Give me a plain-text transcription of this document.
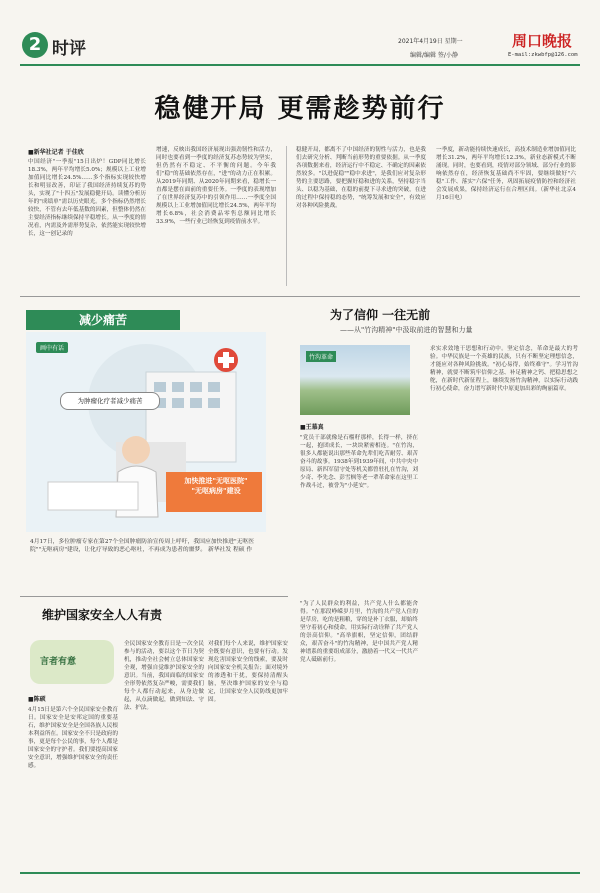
2 时评	2021年4月19日 星期一
编辑/编辑 签/小静
周口晚报
E-mail:zkwbfp@126.com
稳健开局 更需趁势前行
■新华社记者 于佳欣
中国经济"一季报"15日出炉！GDP同比增长18.3%，两年平均增长5.0%；规模以上工业增加值同比增长24.5%……多个指标实现较快增长和明显改善，印证了我国经济持续复苏的势头，实现了"十四五"发展稳健开局。读懂分析历年的"成绩单"需以历史眼光。多个指标仍然增长较快，不管有去年低基数的因素，但整体仍然在主要经济指标继续保持平稳增长。从一季度的情况看，内需及外需形势复杂，依然能实现较快增长，这一创记录的
增速，反映出我国经济展现出强劲韧性和活力，同时也要看到一季度的经济复苏态势较为坚实，但仍然有不稳定、不平衡的问题。今年我们"稳"的基础依然存在，"进"的动力正在积累。从2019年同期、从2020年同期来看，稳增长一直都是摆在面前的重要任务。一季度的表现增加了在世界经济复苏中的引领作用……一季度全国规模以上工业增加值同比增长24.5%，两年平均增长6.8%，社会消费品零售总额同比增长33.9%，一些行业已经恢复到疫情前水平。
稳健开局，都离不了中国经济的韧性与活力，也是我们去研究分析、判断当前形势的重要依据。从一季度各项数据来看，经济运行中不稳定、不确定的因素依然较多。"以进促稳""稳中求进"，是我们应对复杂形势的主要思路，要把握好稳和进的关系，坚持稳字当头、以稳为基础，在稳的前提下寻求进的突破，在进的过程中保持稳的态势，"统筹发展和安全"，有效应对各种风险挑战。
一季度，新动能持续快速成长，高技术制造业增加值同比增长31.2%，两年平均增长12.3%，新业态新模式不断涌现。同时，也要看到，疫情对部分领域、部分行业的影响依然存在，经济恢复基础尚不牢固，要继续做好"六稳"工作、落实"六保"任务，巩固拓展疫情防控和经济社会发展成果，保持经济运行在合理区间。（新华社北京4月16日电）
减少痛苦
画中有话
为肿瘤化疗者减少痛苦
加快推进"无呕医院"
"无呕病房"建设
4月17日，多位肿瘤专家在第27个全国肿瘤防治宣传周上呼吁，我国应加快推进"无呕医院""无呕病房"建设，让化疗导致的恶心呕吐，不再成为患者的噩梦。 新华社发 程硕 作
为了信仰 一往无前
——从"竹沟精神"中汲取前进的智慧和力量
竹沟革命
■王慕真
"党员干部就像是石榴籽那样，长得一样，挤在一起，抱团成长，一块块紧密相连。"在竹沟，很多人都能说出那些革命先辈们吃苦耐劳、艰苦奋斗的故事。1938年到1939年间，中共中央中原局、新四军留守处等机关都曾驻扎在竹沟，刘少奇、李先念、彭雪枫等老一辈革命家在这里工作战斗过，被誉为"小延安"。
求实求效地干思想和行动中。坚定信念，革命是最大的考验。中华民族是一个英雄的民族，只有不断坚定理想信念，才能应对各种风险挑战。"初心易得，始终难守"。学习竹沟精神，就要不断筑牢信仰之基、补足精神之钙、把稳思想之舵，在新时代新征程上，继续发扬竹沟精神，以实际行动践行初心使命，奋力谱写新时代中原更加出彩的绚丽篇章。
"为了人民群众的利益，共产党人什么都能舍得。"在那段峥嵘岁月里，竹沟的共产党人住的是草房，吃的是粗粮，穿的是补丁衣服，却始终坚守着初心和使命，用实际行动诠释了共产党人的崇高信仰。"高举旗帜，坚定信仰，团结群众，艰苦奋斗"的竹沟精神，是中国共产党人精神谱系的重要组成部分，激励着一代又一代共产党人砥砺前行。
维护国家安全人人有责
言者有意
■陈硕
4月15日是第六个全民国家安全教育日。国家安全是安邦定国的重要基石，维护国家安全是全国各族人民根本利益所在。国家安全不只是政府的事，更是每个公民的事，每个人都是国家安全的守护者。我们要提高国家安全意识，增强维护国家安全的责任感。
全民国家安全教育日是一次全民参与的活动，要以这个节日为契机，推动全社会树立总体国家安全观，增强自觉维护国家安全的意识。当前，我国面临的国家安全形势依然复杂严峻，需要我们每个人都行动起来，从身边做起，从点滴做起，做到知法、守法、护法。
对我们每个人来说，维护国家安全既要有意识，也要有行动。发现危害国家安全的线索，要及时向国家安全机关报告；面对境外的渗透和干扰，要保持清醒头脑，坚决维护国家的安全与稳定，让国家安全人民防线更加牢固。
